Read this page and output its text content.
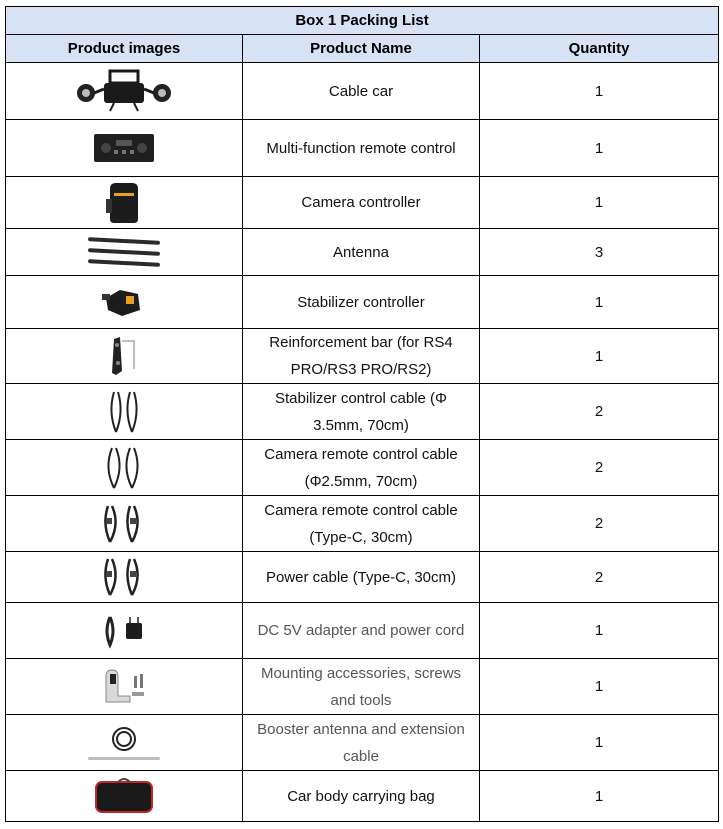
Box 1 Packing List		
Product images	Product Name	Quantity

	Cable car	1

	Multi-function remote control	1

	Camera controller	1

	Antenna	3

	Stabilizer controller	1

	Reinforcement bar (for RS4 PRO/RS3 PRO/RS2)	1

	Stabilizer control cable (Φ 3.5mm, 70cm)	2

	Camera remote control cable (Φ2.5mm, 70cm)	2

	Camera remote control cable (Type-C, 30cm)	2

	Power cable (Type-C, 30cm)	2

	DC 5V adapter and power cord	1

	Mounting accessories, screws and tools	1

	Booster antenna and extension cable	1

	Car body carrying bag	1
